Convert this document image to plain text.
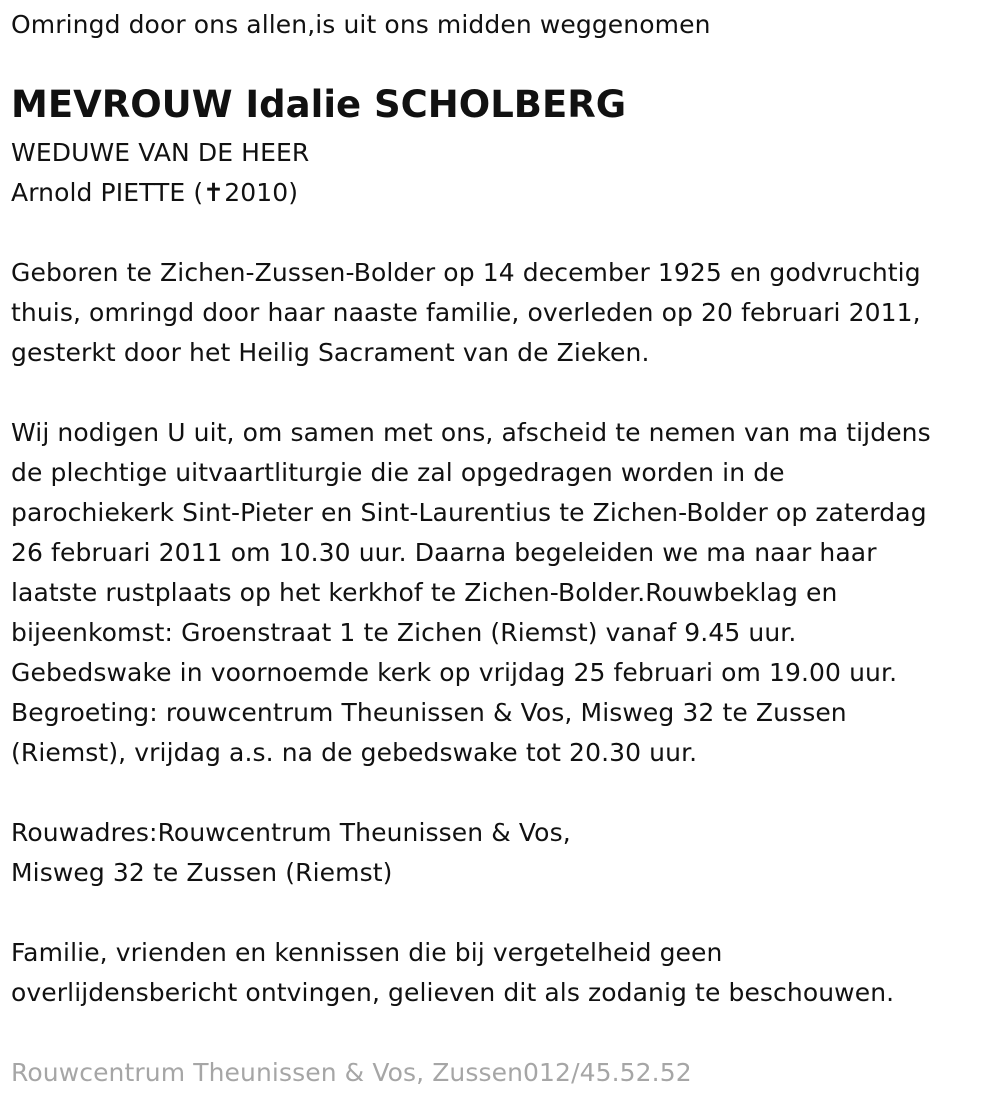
Omringd door ons allen,is uit ons midden weggenomen
MEVROUW Idalie SCHOLBERG
WEDUWE VAN DE HEER
Arnold PIETTE (✝2010)
Geboren te Zichen-Zussen-Bolder op 14 december 1925 en godvruchtig
thuis, omringd door haar naaste familie, overleden op 20 februari 2011,
gesterkt door het Heilig Sacrament van de Zieken.
Wij nodigen U uit, om samen met ons, afscheid te nemen van ma tijdens
de plechtige uitvaartliturgie die zal opgedragen worden in de
parochiekerk Sint-Pieter en Sint-Laurentius te Zichen-Bolder op zaterdag
26 februari 2011 om 10.30 uur. Daarna begeleiden we ma naar haar
laatste rustplaats op het kerkhof te Zichen-Bolder.Rouwbeklag en
bijeenkomst: Groenstraat 1 te Zichen (Riemst) vanaf 9.45 uur.
Gebedswake in voornoemde kerk op vrijdag 25 februari om 19.00 uur.
Begroeting: rouwcentrum Theunissen & Vos, Misweg 32 te Zussen
(Riemst), vrijdag a.s. na de gebedswake tot 20.30 uur.
Rouwadres:Rouwcentrum Theunissen & Vos,
Misweg 32 te Zussen (Riemst)
Familie, vrienden en kennissen die bij vergetelheid geen
overlijdensbericht ontvingen, gelieven dit als zodanig te beschouwen.
Rouwcentrum Theunissen & Vos, Zussen012/45.52.52
